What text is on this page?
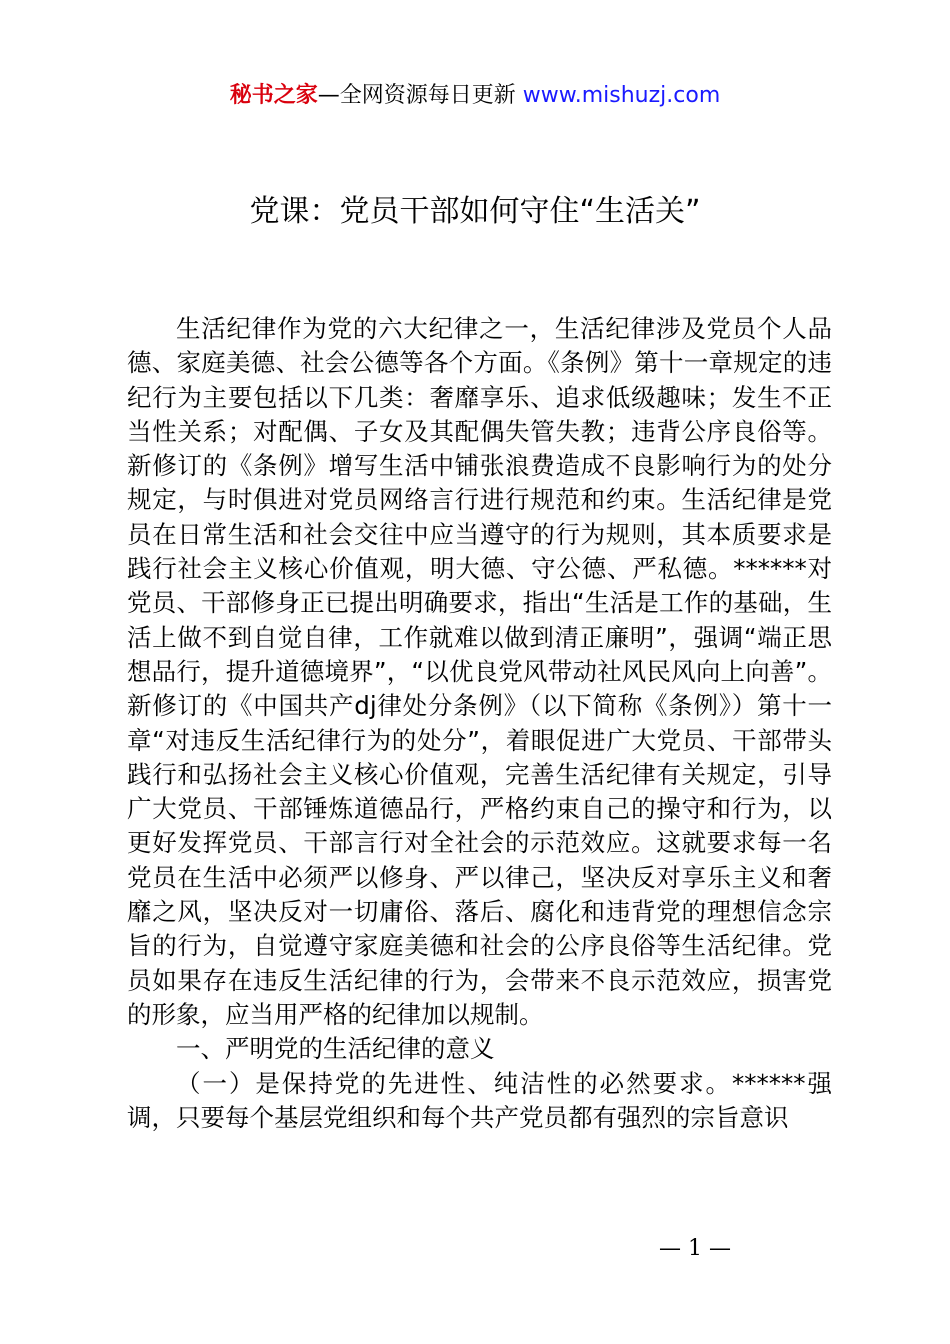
秘书之家—全网资源每日更新 www.mishuzj.com
党课：党员干部如何守住“生活关”

生活纪律作为党的六大纪律之一，生活纪律涉及党员个人品德、家庭美德、社会公德等各个方面。《条例》第十一章规定的违纪行为主要包括以下几类：奢靡享乐、追求低级趣味；发生不正当性关系；对配偶、子女及其配偶失管失教；违背公序良俗等。新修订的《条例》增写生活中铺张浪费造成不良影响行为的处分规定，与时俱进对党员网络言行进行规范和约束。生活纪律是党员在日常生活和社会交往中应当遵守的行为规则，其本质要求是践行社会主义核心价值观，明大德、守公德、严私德。******对党员、干部修身正已提出明确要求，指出“生活是工作的基础，生活上做不到自觉自律，工作就难以做到清正廉明”，强调“端正思想品行，提升道德境界”，“以优良党风带动社风民风向上向善”。新修订的《中国共产dj律处分条例》（以下简称《条例》）第十一章“对违反生活纪律行为的处分”，着眼促进广大党员、干部带头践行和弘扬社会主义核心价值观，完善生活纪律有关规定，引导广大党员、干部锤炼道德品行，严格约束自己的操守和行为，以更好发挥党员、干部言行对全社会的示范效应。这就要求每一名党员在生活中必须严以修身、严以律己，坚决反对享乐主义和奢靡之风，坚决反对一切庸俗、落后、腐化和违背党的理想信念宗旨的行为，自觉遵守家庭美德和社会的公序良俗等生活纪律。党员如果存在违反生活纪律的行为，会带来不良示范效应，损害党的形象，应当用严格的纪律加以规制。

一、严明党的生活纪律的意义

（一）是保持党的先进性、纯洁性的必然要求。******强调，只要每个基层党组织和每个共产党员都有强烈的宗旨意识

— 1 —
